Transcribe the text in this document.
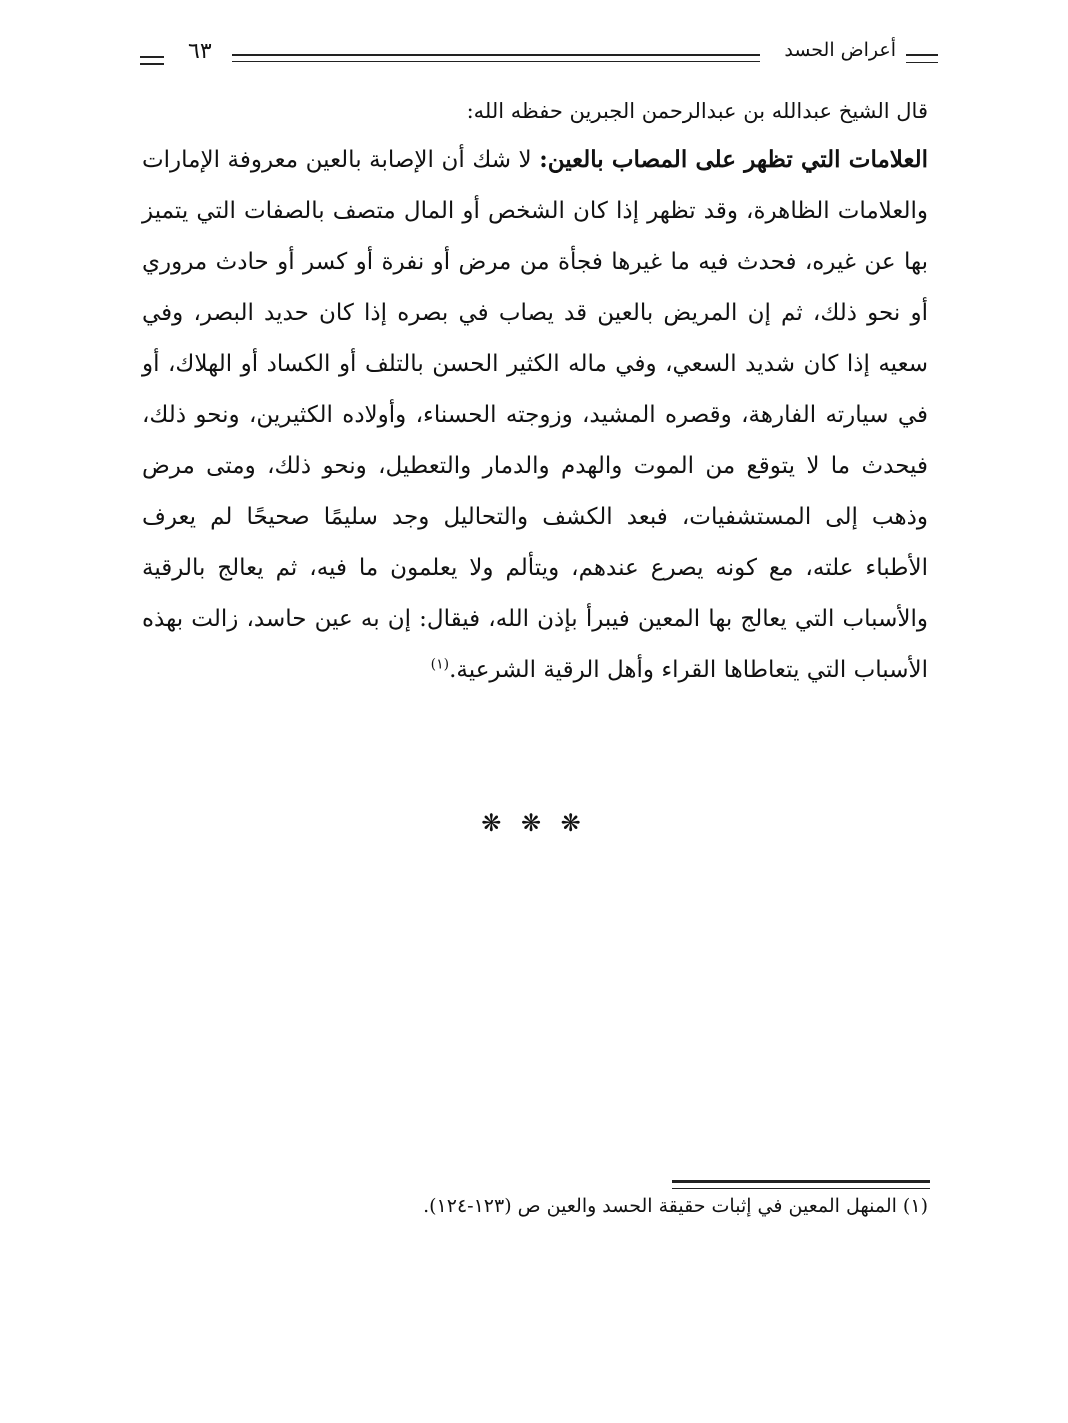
أعراض الحسد
٦٣

قال الشيخ عبدالله بن عبدالرحمن الجبرين حفظه الله:

العلامات التي تظهر على المصاب بالعين: لا شك أن الإصابة بالعين معروفة الإمارات والعلامات الظاهرة، وقد تظهر إذا كان الشخص أو المال متصف بالصفات التي يتميز بها عن غيره، فحدث فيه ما غيرها فجأة من مرض أو نفرة أو كسر أو حادث مروري أو نحو ذلك، ثم إن المريض بالعين قد يصاب في بصره إذا كان حديد البصر، وفي سعيه إذا كان شديد السعي، وفي ماله الكثير الحسن بالتلف أو الكساد أو الهلاك، أو في سيارته الفارهة، وقصره المشيد، وزوجته الحسناء، وأولاده الكثيرين، ونحو ذلك، فيحدث ما لا يتوقع من الموت والهدم والدمار والتعطيل، ونحو ذلك، ومتى مرض وذهب إلى المستشفيات، فبعد الكشف والتحاليل وجد سليمًا صحيحًا لم يعرف الأطباء علته، مع كونه يصرع عندهم، ويتألم ولا يعلمون ما فيه، ثم يعالج بالرقية والأسباب التي يعالج بها المعين فيبرأ بإذن الله، فيقال: إن به عين حاسد، زالت بهذه الأسباب التي يتعاطاها القراء وأهل الرقية الشرعية.$^{(١)}$

❋ ❋ ❋
(١) المنهل المعين في إثبات حقيقة الحسد والعين ص (١٢٣-١٢٤).
